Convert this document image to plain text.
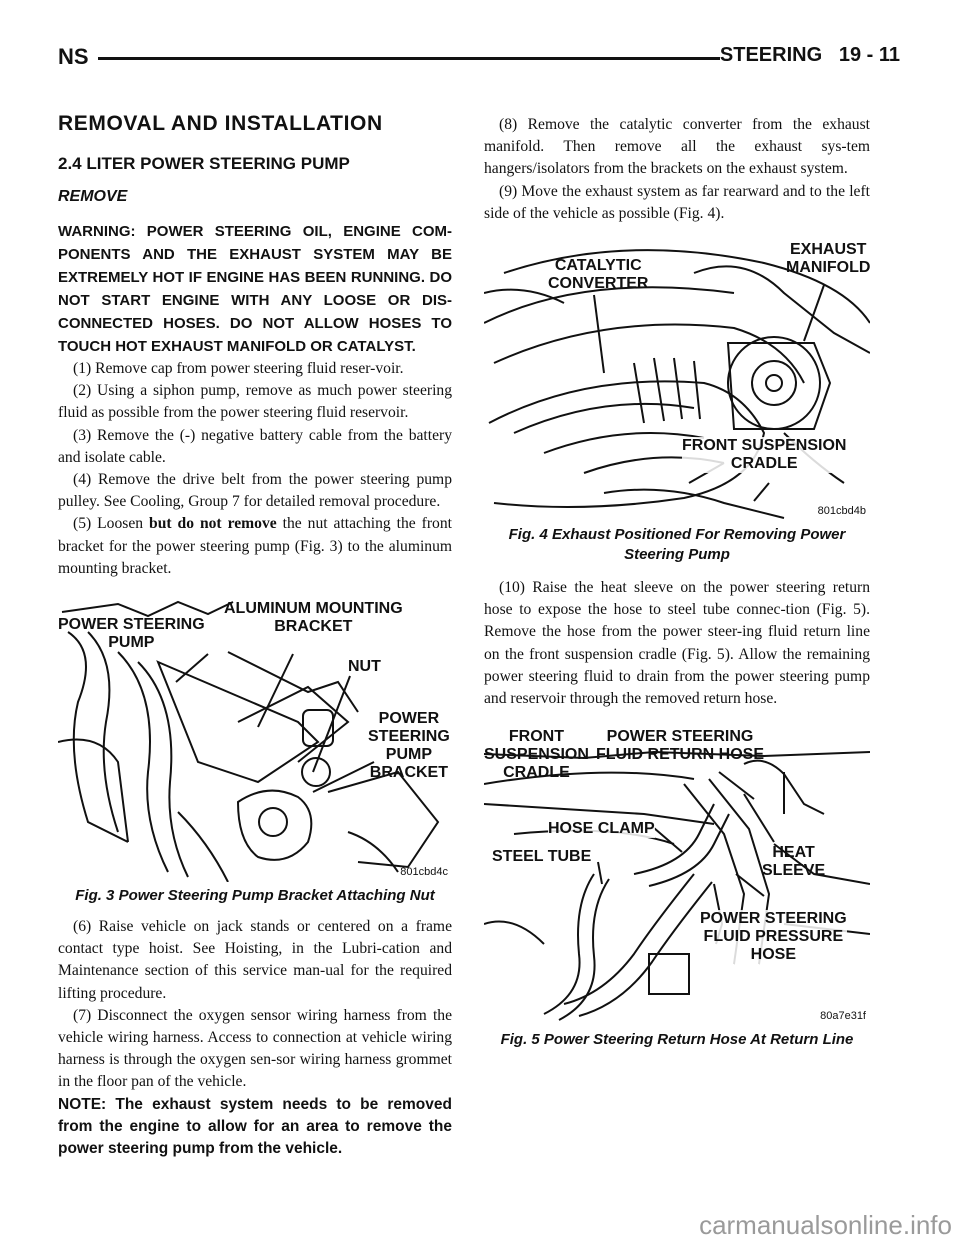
NS	STEERING 19 - 11
REMOVAL AND INSTALLATION
2.4 LITER POWER STEERING PUMP
REMOVE

WARNING: POWER STEERING OIL, ENGINE COM-PONENTS AND THE EXHAUST SYSTEM MAY BE EXTREMELY HOT IF ENGINE HAS BEEN RUNNING. DO NOT START ENGINE WITH ANY LOOSE OR DIS-CONNECTED HOSES. DO NOT ALLOW HOSES TO TOUCH HOT EXHAUST MANIFOLD OR CATALYST.

(1) Remove cap from power steering fluid reser-voir.

(2) Using a siphon pump, remove as much power steering fluid as possible from the power steering fluid reservoir.

(3) Remove the (-) negative battery cable from the battery and isolate cable.

(4) Remove the drive belt from the power steering pump pulley. See Cooling, Group 7 for detailed removal procedure.

(5) Loosen but do not remove the nut attaching the front bracket for the power steering pump (Fig. 3) to the aluminum mounting bracket.

POWER STEERING
PUMP
ALUMINUM MOUNTING
BRACKET
NUT
POWER
STEERING
PUMP
BRACKET
801cbd4c
Fig. 3 Power Steering Pump Bracket Attaching Nut

(6) Raise vehicle on jack stands or centered on a frame contact type hoist. See Hoisting, in the Lubri-cation and Maintenance section of this service man-ual for the required lifting procedure.

(7) Disconnect the oxygen sensor wiring harness from the vehicle wiring harness. Access to connection at vehicle wiring harness is through the oxygen sen-sor wiring harness grommet in the floor pan of the vehicle.

NOTE: The exhaust system needs to be removed from the engine to allow for an area to remove the power steering pump from the vehicle.

(8) Remove the catalytic converter from the exhaust manifold. Then remove all the exhaust sys-tem hangers/isolators from the brackets on the exhaust system.

(9) Move the exhaust system as far rearward and to the left side of the vehicle as possible (Fig. 4).

CATALYTIC
CONVERTER
EXHAUST
MANIFOLD
FRONT SUSPENSION
CRADLE
801cbd4b
Fig. 4 Exhaust Positioned For Removing Power
Steering Pump

(10) Raise the heat sleeve on the power steering return hose to expose the hose to steel tube connec-tion (Fig. 5). Remove the hose from the power steer-ing fluid return line on the front suspension cradle (Fig. 5). Allow the remaining power steering fluid to drain from the power steering pump and reservoir through the removed return hose.

FRONT
SUSPENSION
CRADLE
POWER STEERING
FLUID RETURN HOSE
HOSE CLAMP
STEEL TUBE	HEAT
SLEEVE
POWER STEERING
FLUID PRESSURE
HOSE
80a7e31f
Fig. 5 Power Steering Return Hose At Return Line
carmanualsonline.info
